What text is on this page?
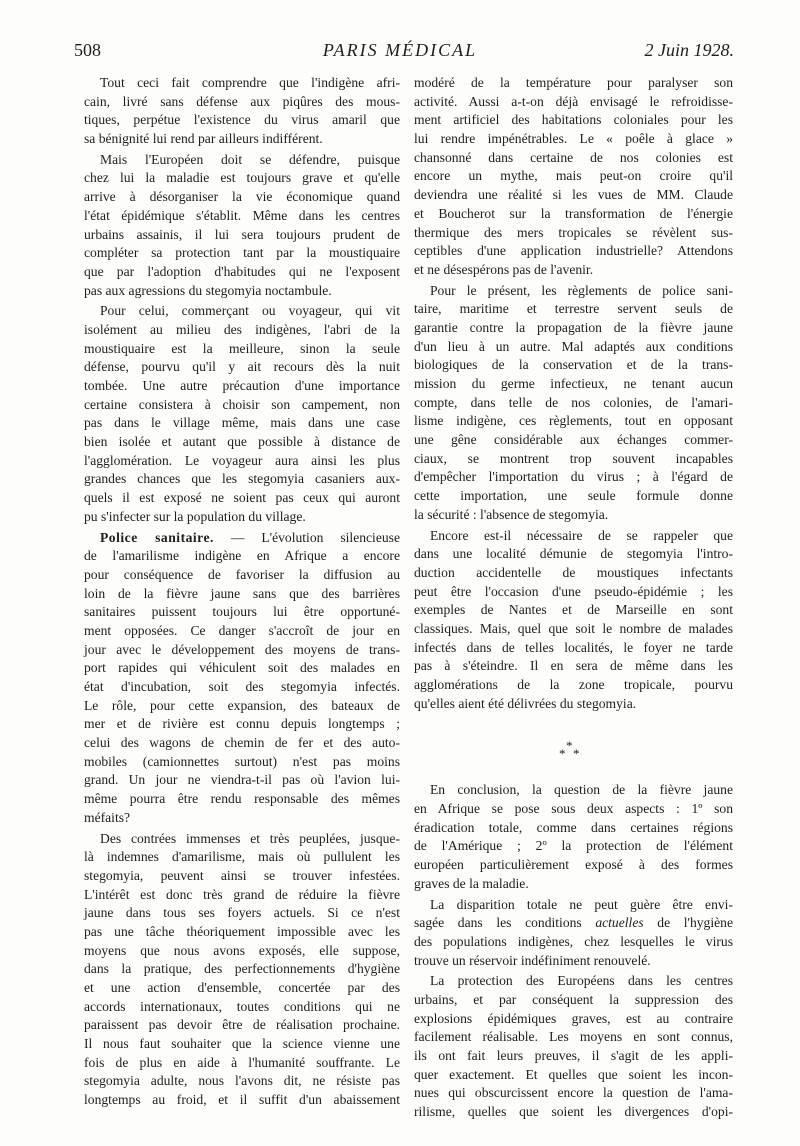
508	PARIS MÉDICAL	2 Juin 1928.
Tout ceci fait comprendre que l'indigène afri-
cain, livré sans défense aux piqûres des mous-
tiques, perpétue l'existence du virus amaril que
sa bénignité lui rend par ailleurs indifférent.
Mais l'Européen doit se défendre, puisque
chez lui la maladie est toujours grave et qu'elle
arrive à désorganiser la vie économique quand
l'état épidémique s'établit. Même dans les centres
urbains assainis, il lui sera toujours prudent de
compléter sa protection tant par la moustiquaire
que par l'adoption d'habitudes qui ne l'exposent
pas aux agressions du stegomyia noctambule.
Pour celui, commerçant ou voyageur, qui vit
isolément au milieu des indigènes, l'abri de la
moustiquaire est la meilleure, sinon la seule
défense, pourvu qu'il y ait recours dès la nuit
tombée. Une autre précaution d'une importance
certaine consistera à choisir son campement, non
pas dans le village même, mais dans une case
bien isolée et autant que possible à distance de
l'agglomération. Le voyageur aura ainsi les plus
grandes chances que les stegomyia casaniers aux-
quels il est exposé ne soient pas ceux qui auront
pu s'infecter sur la population du village.
Police sanitaire. — L'évolution silencieuse
de l'amarilisme indigène en Afrique a encore
pour conséquence de favoriser la diffusion au
loin de la fièvre jaune sans que des barrières
sanitaires puissent toujours lui être opportuné-
ment opposées. Ce danger s'accroît de jour en
jour avec le développement des moyens de trans-
port rapides qui véhiculent soit des malades en
état d'incubation, soit des stegomyia infectés.
Le rôle, pour cette expansion, des bateaux de
mer et de rivière est connu depuis longtemps ;
celui des wagons de chemin de fer et des auto-
mobiles (camionnettes surtout) n'est pas moins
grand. Un jour ne viendra-t-il pas où l'avion lui-
même pourra être rendu responsable des mêmes
méfaits?
Des contrées immenses et très peuplées, jusque-
là indemnes d'amarilisme, mais où pullulent les
stegomyia, peuvent ainsi se trouver infestées.
L'intérêt est donc très grand de réduire la fièvre
jaune dans tous ses foyers actuels. Si ce n'est
pas une tâche théoriquement impossible avec les
moyens que nous avons exposés, elle suppose,
dans la pratique, des perfectionnements d'hygiène
et une action d'ensemble, concertée par des
accords internationaux, toutes conditions qui ne
paraissent pas devoir être de réalisation prochaine.
Il nous faut souhaiter que la science vienne une
fois de plus en aide à l'humanité souffrante. Le
stegomyia adulte, nous l'avons dit, ne résiste pas
longtemps au froid, et il suffit d'un abaissement
modéré de la température pour paralyser son
activité. Aussi a-t-on déjà envisagé le refroidisse-
ment artificiel des habitations coloniales pour les
lui rendre impénétrables. Le « poêle à glace »
chansonné dans certaine de nos colonies est
encore un mythe, mais peut-on croire qu'il
deviendra une réalité si les vues de MM. Claude
et Boucherot sur la transformation de l'énergie
thermique des mers tropicales se révèlent sus-
ceptibles d'une application industrielle? Attendons
et ne désespérons pas de l'avenir.
Pour le présent, les règlements de police sani-
taire, maritime et terrestre servent seuls de
garantie contre la propagation de la fièvre jaune
d'un lieu à un autre. Mal adaptés aux conditions
biologiques de la conservation et de la trans-
mission du germe infectieux, ne tenant aucun
compte, dans telle de nos colonies, de l'amari-
lisme indigène, ces règlements, tout en opposant
une gêne considérable aux échanges commer-
ciaux, se montrent trop souvent incapables
d'empêcher l'importation du virus ; à l'égard de
cette importation, une seule formule donne
la sécurité : l'absence de stegomyia.
Encore est-il nécessaire de se rappeler que
dans une localité démunie de stegomyia l'intro-
duction accidentelle de moustiques infectants
peut être l'occasion d'une pseudo-épidémie ; les
exemples de Nantes et de Marseille en sont
classiques. Mais, quel que soit le nombre de malades
infectés dans de telles localités, le foyer ne tarde
pas à s'éteindre. Il en sera de même dans les
agglomérations de la zone tropicale, pourvu
qu'elles aient été délivrées du stegomyia.
*
* *
En conclusion, la question de la fièvre jaune
en Afrique se pose sous deux aspects : 1º son
éradication totale, comme dans certaines régions
de l'Amérique ; 2º la protection de l'élément
européen particulièrement exposé à des formes
graves de la maladie.
La disparition totale ne peut guère être envi-
sagée dans les conditions actuelles de l'hygiène
des populations indigènes, chez lesquelles le virus
trouve un réservoir indéfiniment renouvelé.
La protection des Européens dans les centres
urbains, et par conséquent la suppression des
explosions épidémiques graves, est au contraire
facilement réalisable. Les moyens en sont connus,
ils ont fait leurs preuves, il s'agit de les appli-
quer exactement. Et quelles que soient les incon-
nues qui obscurcissent encore la question de l'ama-
rilisme, quelles que soient les divergences d'opi-
